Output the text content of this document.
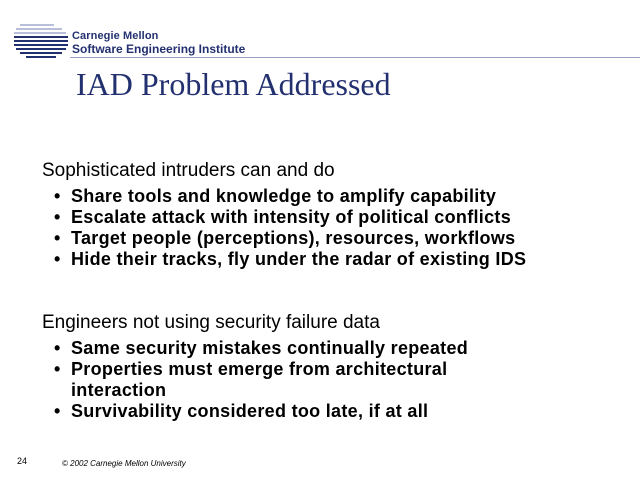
Carnegie Mellon
Software Engineering Institute
IAD Problem Addressed

Sophisticated intruders can and do

• Share tools and knowledge to amplify capability
• Escalate attack with intensity of political conflicts
• Target people (perceptions), resources, workflows
• Hide their tracks, fly under the radar of existing IDS

Engineers not using security failure data

• Same security mistakes continually repeated
• Properties must emerge from architectural interaction
• Survivability considered too late, if at all
24	© 2002 Carnegie Mellon University
